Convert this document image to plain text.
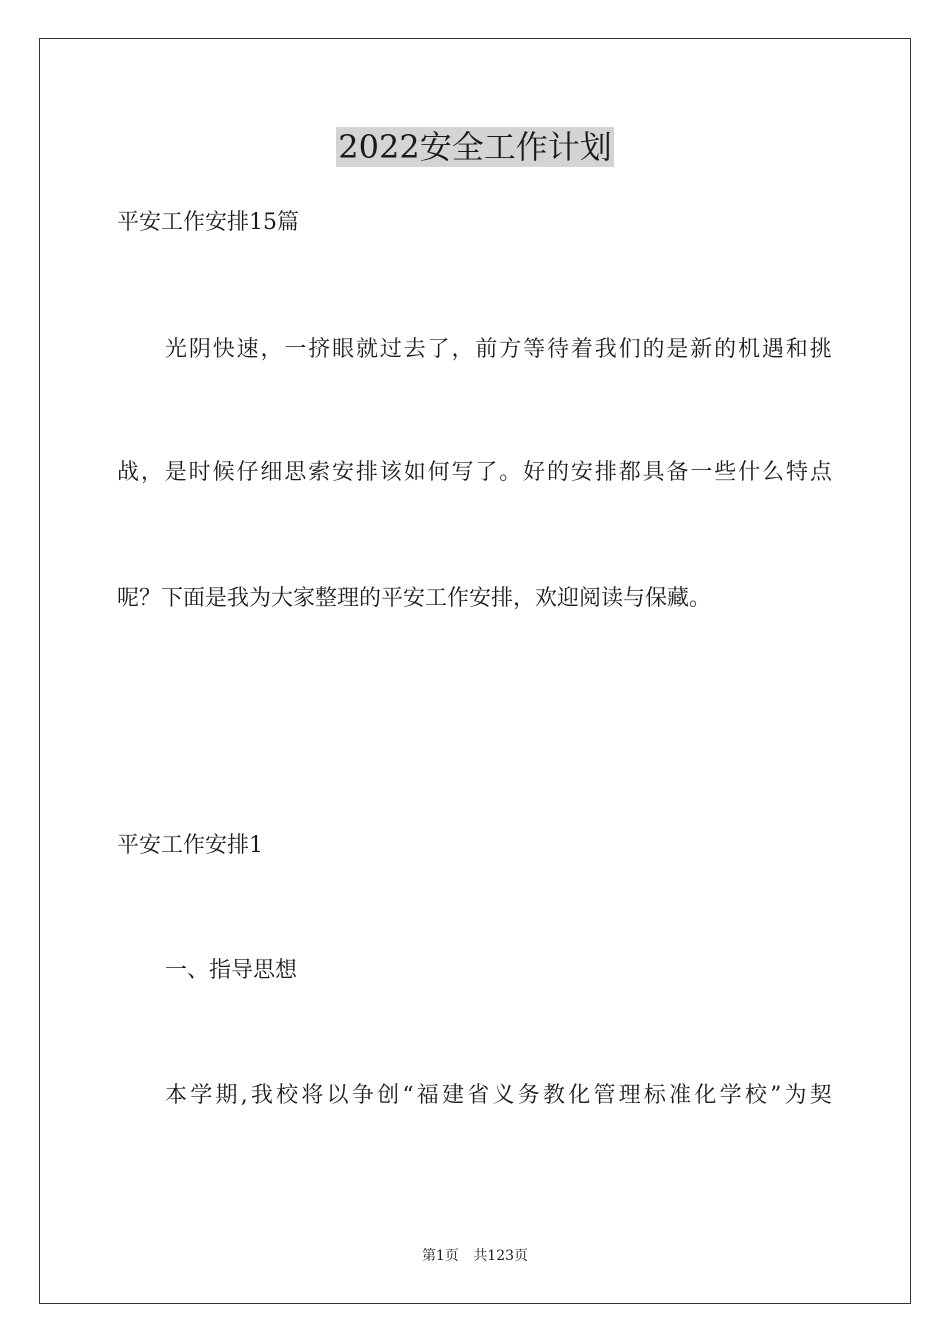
2022安全工作计划
平安工作安排15篇
光 阴 快 速 ， 一 挤 眼 就 过 去 了 ， 前 方 等 待 着 我 们 的 是 新 的 机 遇 和 挑
战 ， 是 时 候 仔 细 思 索 安 排 该 如 何 写 了 。 好 的 安 排 都 具 备 一 些 什 么 特 点
呢？下面是我为大家整理的平安工作安排，欢迎阅读与保藏。
平安工作安排1
一、指导思想
本 学 期 , 我 校 将 以 争 创 “ 福 建 省 义 务 教 化 管 理 标 准 化 学 校 ” 为 契
第1页 共123页
